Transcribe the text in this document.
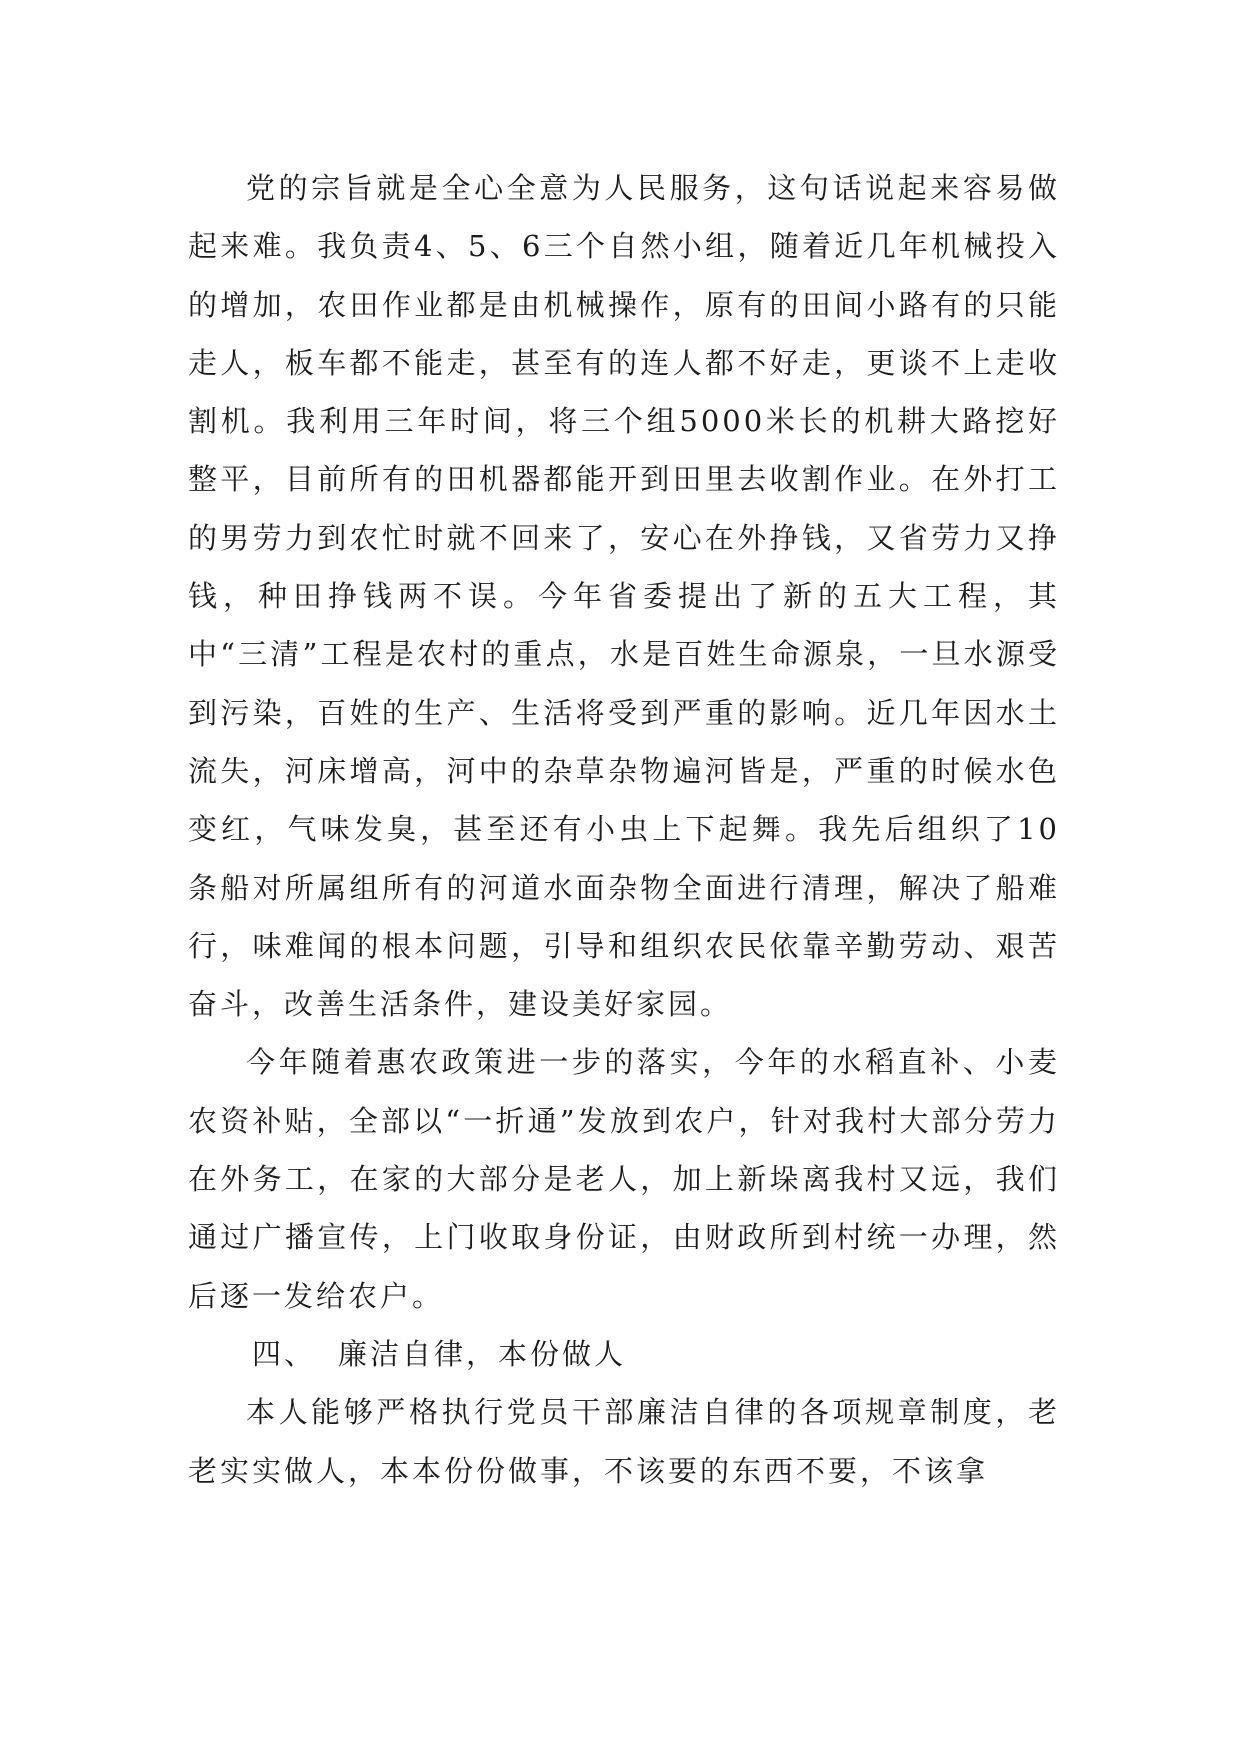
党的宗旨就是全心全意为人民服务，这句话说起来容易做起来难。我负责4、5、6三个自然小组，随着近几年机械投入的增加，农田作业都是由机械操作，原有的田间小路有的只能走人，板车都不能走，甚至有的连人都不好走，更谈不上走收割机。我利用三年时间，将三个组5000米长的机耕大路挖好整平，目前所有的田机器都能开到田里去收割作业。在外打工的男劳力到农忙时就不回来了，安心在外挣钱，又省劳力又挣钱，种田挣钱两不误。今年省委提出了新的五大工程，其中“三清”工程是农村的重点，水是百姓生命源泉，一旦水源受到污染，百姓的生产、生活将受到严重的影响。近几年因水土流失，河床增高，河中的杂草杂物遍河皆是，严重的时候水色变红，气味发臭，甚至还有小虫上下起舞。我先后组织了10条船对所属组所有的河道水面杂物全面进行清理，解决了船难行，味难闻的根本问题，引导和组织农民依靠辛勤劳动、艰苦奋斗，改善生活条件，建设美好家园。

今年随着惠农政策进一步的落实，今年的水稻直补、小麦农资补贴，全部以“一折通”发放到农户，针对我村大部分劳力在外务工，在家的大部分是老人，加上新垛离我村又远，我们通过广播宣传，上门收取身份证，由财政所到村统一办理，然后逐一发给农户。

四、 廉洁自律，本份做人

本人能够严格执行党员干部廉洁自律的各项规章制度，老老实实做人，本本份份做事，不该要的东西不要，不该拿
